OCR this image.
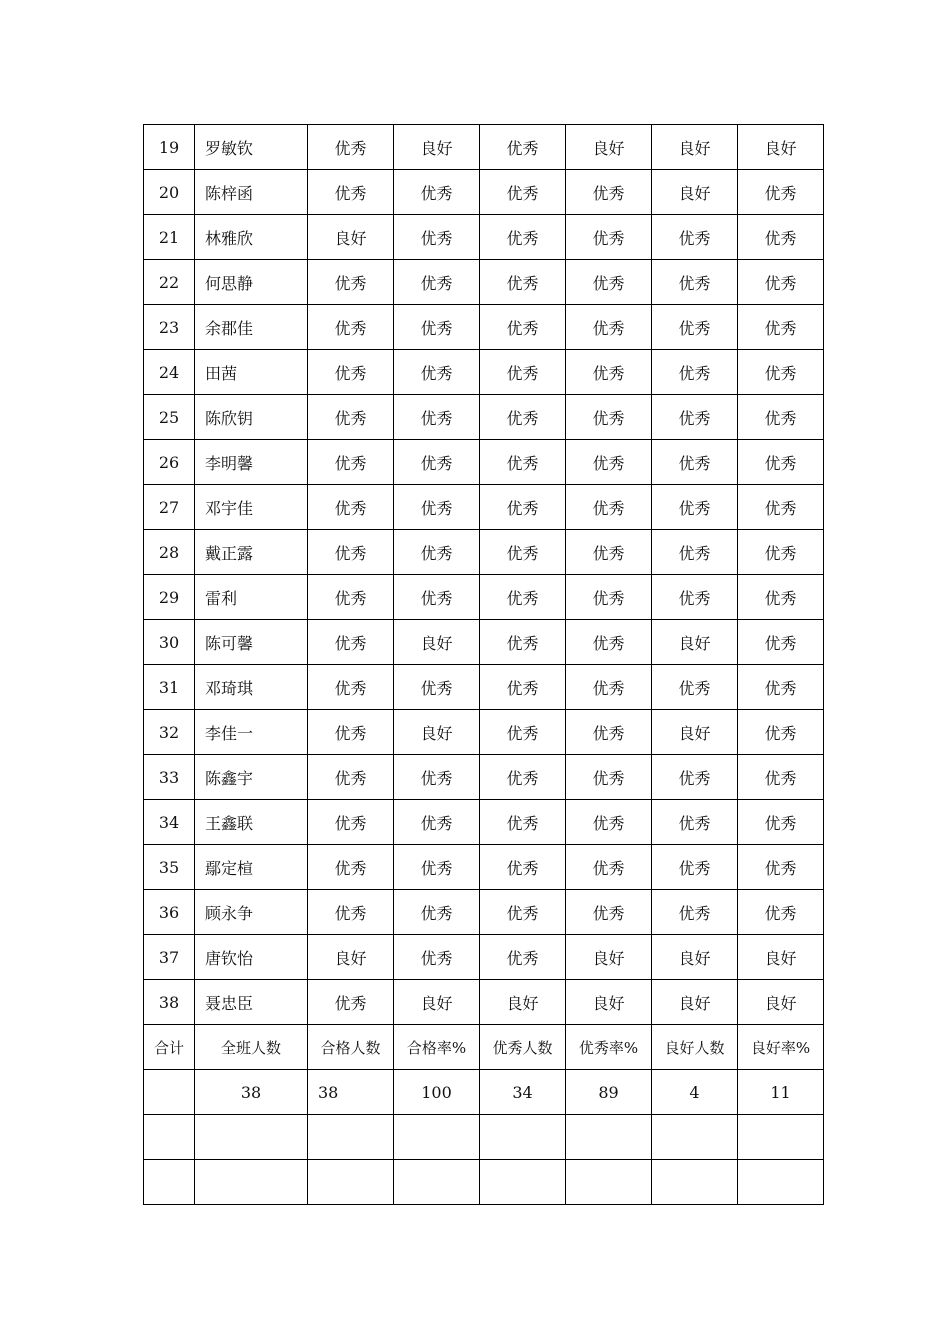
19	罗敏钦	优秀	良好	优秀	良好	良好	良好
20	陈梓函	优秀	优秀	优秀	优秀	良好	优秀
21	林雅欣	良好	优秀	优秀	优秀	优秀	优秀
22	何思静	优秀	优秀	优秀	优秀	优秀	优秀
23	余郡佳	优秀	优秀	优秀	优秀	优秀	优秀
24	田茜	优秀	优秀	优秀	优秀	优秀	优秀
25	陈欣钥	优秀	优秀	优秀	优秀	优秀	优秀
26	李明馨	优秀	优秀	优秀	优秀	优秀	优秀
27	邓宇佳	优秀	优秀	优秀	优秀	优秀	优秀
28	戴正露	优秀	优秀	优秀	优秀	优秀	优秀
29	雷利	优秀	优秀	优秀	优秀	优秀	优秀
30	陈可馨	优秀	良好	优秀	优秀	良好	优秀
31	邓琦琪	优秀	优秀	优秀	优秀	优秀	优秀
32	李佳一	优秀	良好	优秀	优秀	良好	优秀
33	陈鑫宇	优秀	优秀	优秀	优秀	优秀	优秀
34	王鑫联	优秀	优秀	优秀	优秀	优秀	优秀
35	鄢定楦	优秀	优秀	优秀	优秀	优秀	优秀
36	顾永争	优秀	优秀	优秀	优秀	优秀	优秀
37	唐钦怡	良好	优秀	优秀	良好	良好	良好
38	聂忠臣	优秀	良好	良好	良好	良好	良好
合计	全班人数	合格人数	合格率%	优秀人数	优秀率%	良好人数	良好率%
	38	38	100	34	89	4	11
